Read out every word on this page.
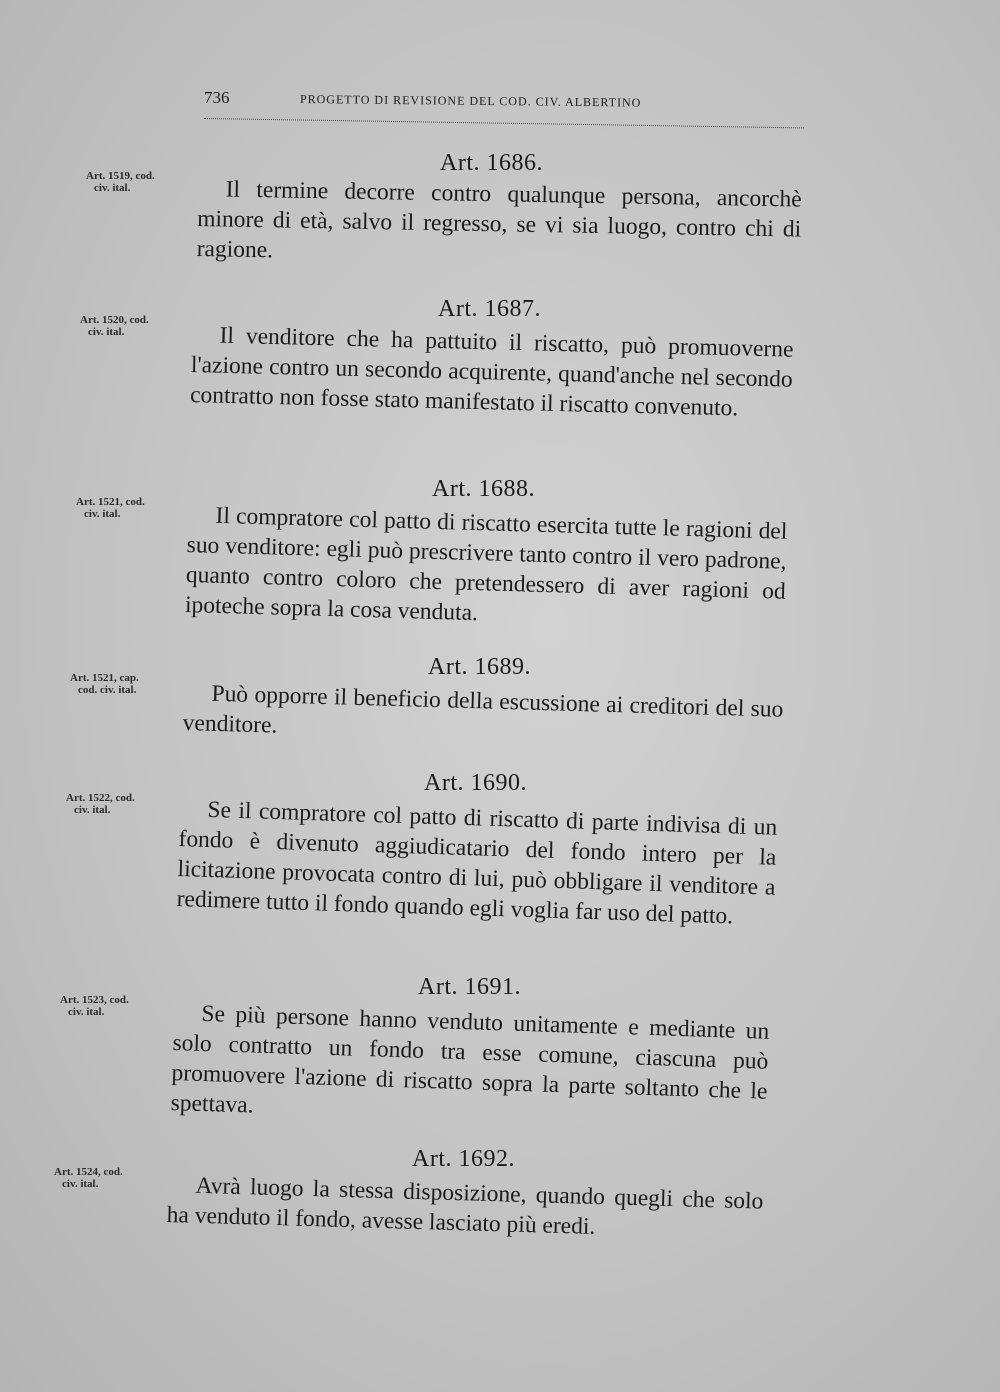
736	PROGETTO DI REVISIONE DEL COD. CIV. ALBERTINO
Art. 1519, cod.
civ. ital.
Art. 1686.
Il termine decorre contro qualunque persona, ancorchè minore di età, salvo il regresso, se vi sia luogo, contro chi di ragione.
Art. 1520, cod.
civ. ital.
Art. 1687.
Il venditore che ha pattuito il riscatto, può promuoverne l'azione contro un secondo acquirente, quand'anche nel secondo contratto non fosse stato manifestato il riscatto convenuto.
Art. 1521, cod.
civ. ital.
Art. 1688.
Il compratore col patto di riscatto esercita tutte le ragioni del suo venditore: egli può prescrivere tanto contro il vero padrone, quanto contro coloro che pretendessero di aver ragioni od ipoteche sopra la cosa venduta.
Art. 1521, cap.
cod. civ. ital.
Art. 1689.
Può opporre il beneficio della escussione ai creditori del suo venditore.
Art. 1522, cod.
civ. ital.
Art. 1690.
Se il compratore col patto di riscatto di parte indivisa di un fondo è divenuto aggiudicatario del fondo intero per la licitazione provocata contro di lui, può obbligare il venditore a redimere tutto il fondo quando egli voglia far uso del patto.
Art. 1523, cod.
civ. ital.
Art. 1691.
Se più persone hanno venduto unitamente e mediante un solo contratto un fondo tra esse comune, ciascuna può promuovere l'azione di riscatto sopra la parte soltanto che le spettava.
Art. 1524, cod.
civ. ital.
Art. 1692.
Avrà luogo la stessa disposizione, quando quegli che solo ha venduto il fondo, avesse lasciato più eredi.
